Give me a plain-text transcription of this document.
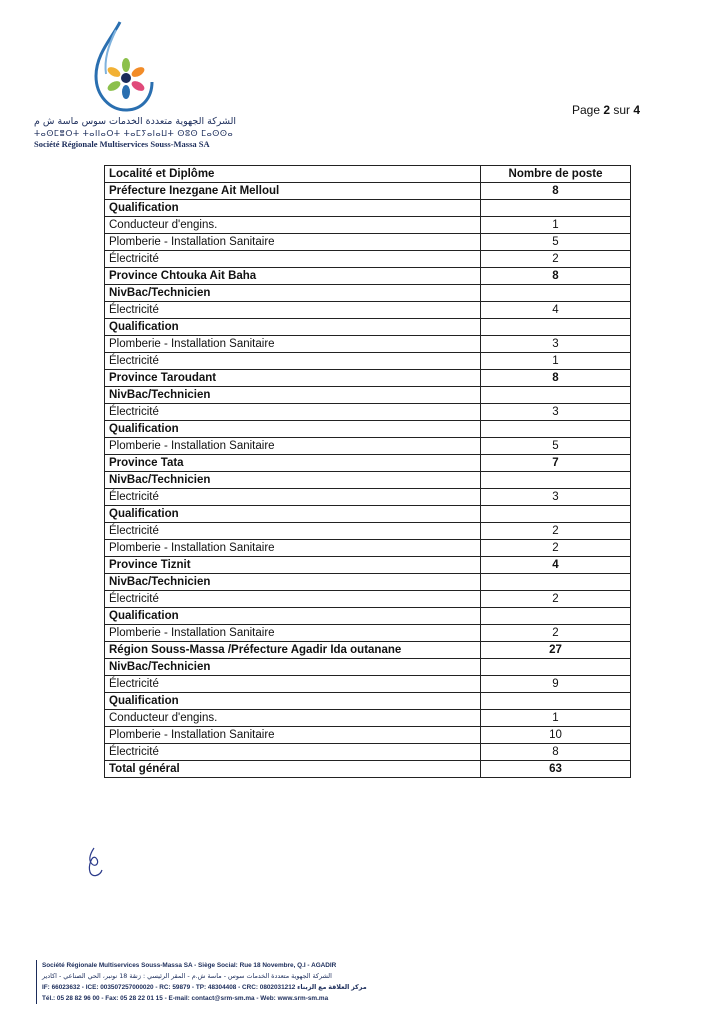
الشركة الجهوية متعددة الخدمات سوس ماسة ش م
ⵜⴰⵙⵎⴻⵔⵜ ⵜⴰⵏⵏⴰⵔⵜ ⵜⴰⵎⵢⴰⵏⴰⵡⵜ ⵙⵓⵙ ⵎⴰⵙⵙⴰ
Société Régionale Multiservices Souss-Massa SA
Page 2 sur 4
Localité et Diplôme	Nombre de poste
Préfecture Inezgane Ait Melloul	8
Qualification	
Conducteur d'engins.	1
Plomberie - Installation Sanitaire	5
Électricité	2
Province Chtouka Ait Baha	8
NivBac/Technicien	
Électricité	4
Qualification	
Plomberie - Installation Sanitaire	3
Électricité	1
Province Taroudant	8
NivBac/Technicien	
Électricité	3
Qualification	
Plomberie - Installation Sanitaire	5
Province Tata	7
NivBac/Technicien	
Électricité	3
Qualification	
Électricité	2
Plomberie - Installation Sanitaire	2
Province Tiznit	4
NivBac/Technicien	
Électricité	2
Qualification	
Plomberie - Installation Sanitaire	2
Région Souss-Massa /Préfecture Agadir Ida outanane	27
NivBac/Technicien	
Électricité	9
Qualification	
Conducteur d'engins.	1
Plomberie - Installation Sanitaire	10
Électricité	8
Total général	63
Société Régionale Multiservices Souss-Massa SA - Siège Social: Rue 18 Novembre, Q.I - AGADIR
الشركة الجهوية متعددة الخدمات سوس - ماسة ش.م - المقر الرئيسي : زنقة 18 نونبر، الحي الصناعي - اكادير
IF: 66023632 - ICE: 003507257000020 - RC: 59879 - TP: 48304408 - CRC: 0802031212 مركز العلاقة مع الزبناء
Tél.: 05 28 82 96 00 - Fax: 05 28 22 01 15 - E-mail: contact@srm-sm.ma - Web: www.srm-sm.ma
